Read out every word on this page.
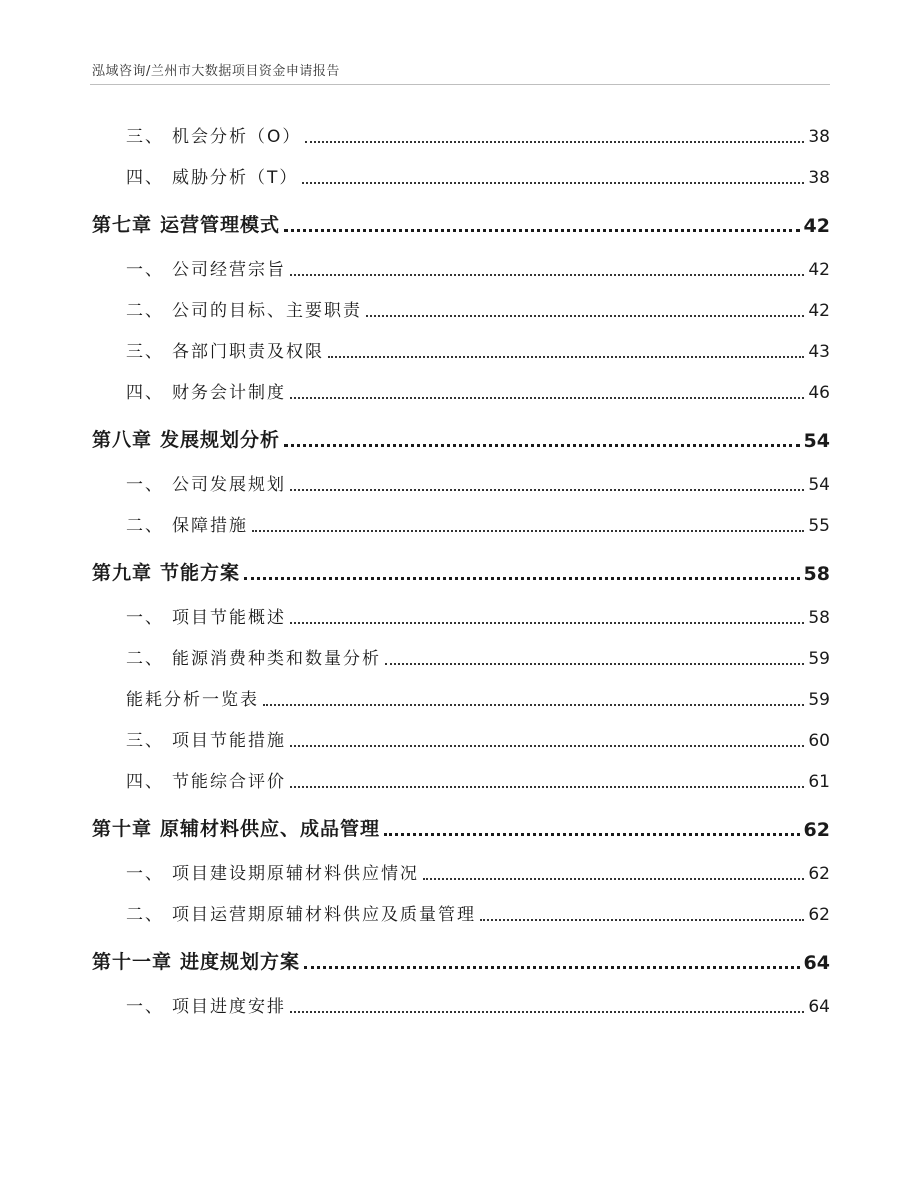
泓域咨询/兰州市大数据项目资金申请报告
三、 机会分析（O）	38
四、 威胁分析（T）	38
第七章 运营管理模式	42
一、 公司经营宗旨	42
二、 公司的目标、主要职责	42
三、 各部门职责及权限	43
四、 财务会计制度	46
第八章 发展规划分析	54
一、 公司发展规划	54
二、 保障措施	55
第九章 节能方案	58
一、 项目节能概述	58
二、 能源消费种类和数量分析	59
能耗分析一览表	59
三、 项目节能措施	60
四、 节能综合评价	61
第十章 原辅材料供应、成品管理	62
一、 项目建设期原辅材料供应情况	62
二、 项目运营期原辅材料供应及质量管理	62
第十一章 进度规划方案	64
一、 项目进度安排	64
